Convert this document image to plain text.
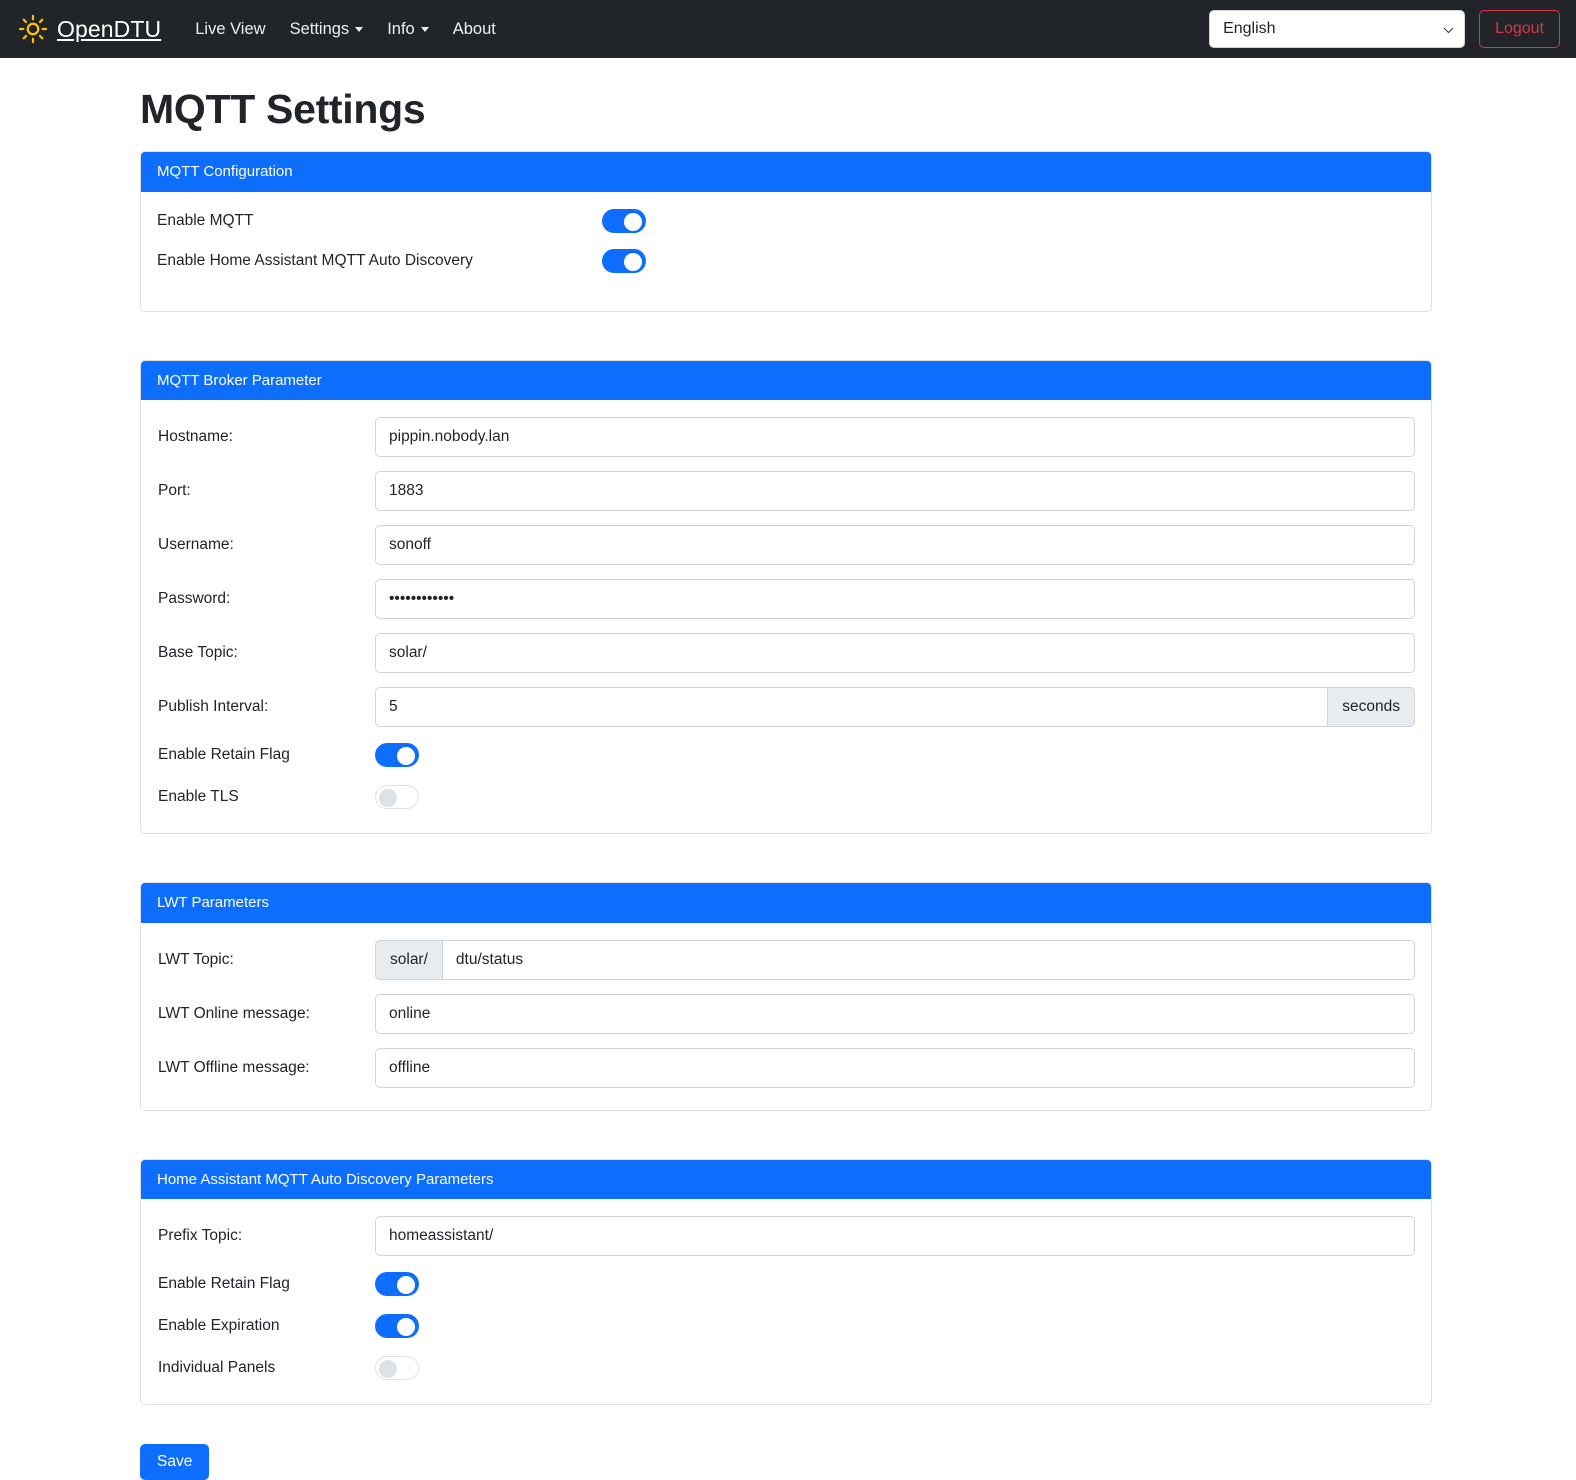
OpenDTU Live View Settings Info About
English	Logout
MQTT Settings
MQTT Configuration
Enable MQTT
Enable Home Assistant MQTT Auto Discovery
MQTT Broker Parameter
Hostname:
pippin.nobody.lan
Port:
1883
Username:
sonoff
Password:
••••••••••••
Base Topic:
solar/
Publish Interval:
5	seconds
Enable Retain Flag
Enable TLS
LWT Parameters
LWT Topic:	solar/
dtu/status
LWT Online message:
online
LWT Offline message:
offline
Home Assistant MQTT Auto Discovery Parameters
Prefix Topic:
homeassistant/
Enable Retain Flag
Enable Expiration
Individual Panels
Save
